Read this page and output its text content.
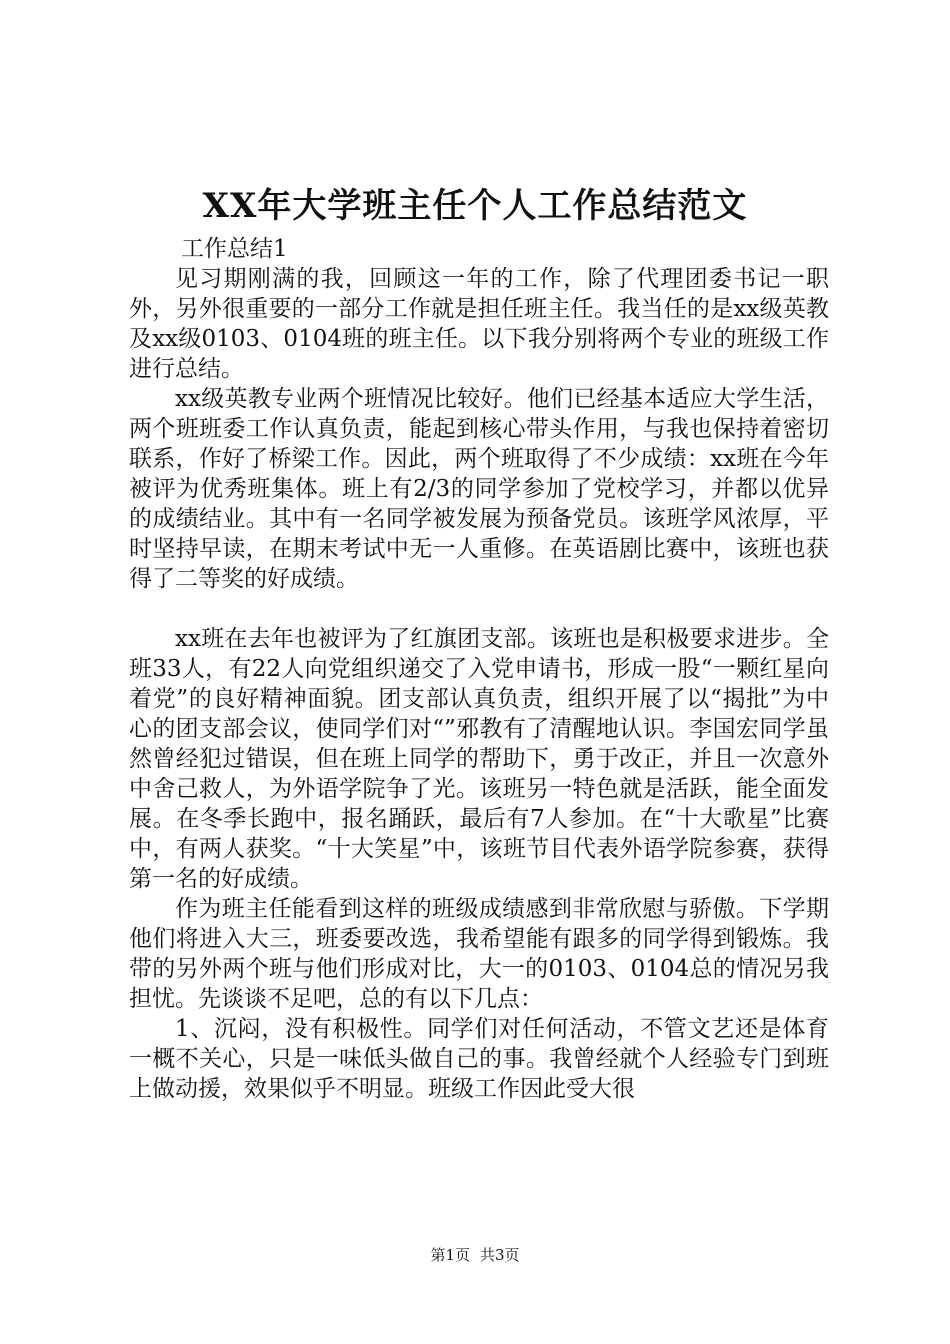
XX年大学班主任个人工作总结范文

工作总结1

见习期刚满的我，回顾这一年的工作，除了代理团委书记一职外，另外很重要的一部分工作就是担任班主任。我当任的是xx级英教及xx级0103、0104班的班主任。以下我分别将两个专业的班级工作进行总结。

xx级英教专业两个班情况比较好。他们已经基本适应大学生活，两个班班委工作认真负责，能起到核心带头作用，与我也保持着密切联系，作好了桥梁工作。因此，两个班取得了不少成绩：xx班在今年被评为优秀班集体。班上有2/3的同学参加了党校学习，并都以优异的成绩结业。其中有一名同学被发展为预备党员。该班学风浓厚，平时坚持早读，在期末考试中无一人重修。在英语剧比赛中，该班也获得了二等奖的好成绩。

xx班在去年也被评为了红旗团支部。该班也是积极要求进步。全班33人，有22人向党组织递交了入党申请书，形成一股“一颗红星向着党”的良好精神面貌。团支部认真负责，组织开展了以“揭批”为中心的团支部会议，使同学们对“”邪教有了清醒地认识。李国宏同学虽然曾经犯过错误，但在班上同学的帮助下，勇于改正，并且一次意外中舍己救人，为外语学院争了光。该班另一特色就是活跃，能全面发展。在冬季长跑中，报名踊跃，最后有7人参加。在“十大歌星”比赛中，有两人获奖。“十大笑星”中，该班节目代表外语学院参赛，获得第一名的好成绩。

作为班主任能看到这样的班级成绩感到非常欣慰与骄傲。下学期他们将进入大三，班委要改选，我希望能有跟多的同学得到锻炼。我带的另外两个班与他们形成对比，大一的0103、0104总的情况另我担忧。先谈谈不足吧，总的有以下几点：

1、沉闷，没有积极性。同学们对任何活动，不管文艺还是体育一概不关心，只是一味低头做自己的事。我曾经就个人经验专门到班上做动援，效果似乎不明显。班级工作因此受大很

第1页 共3页
